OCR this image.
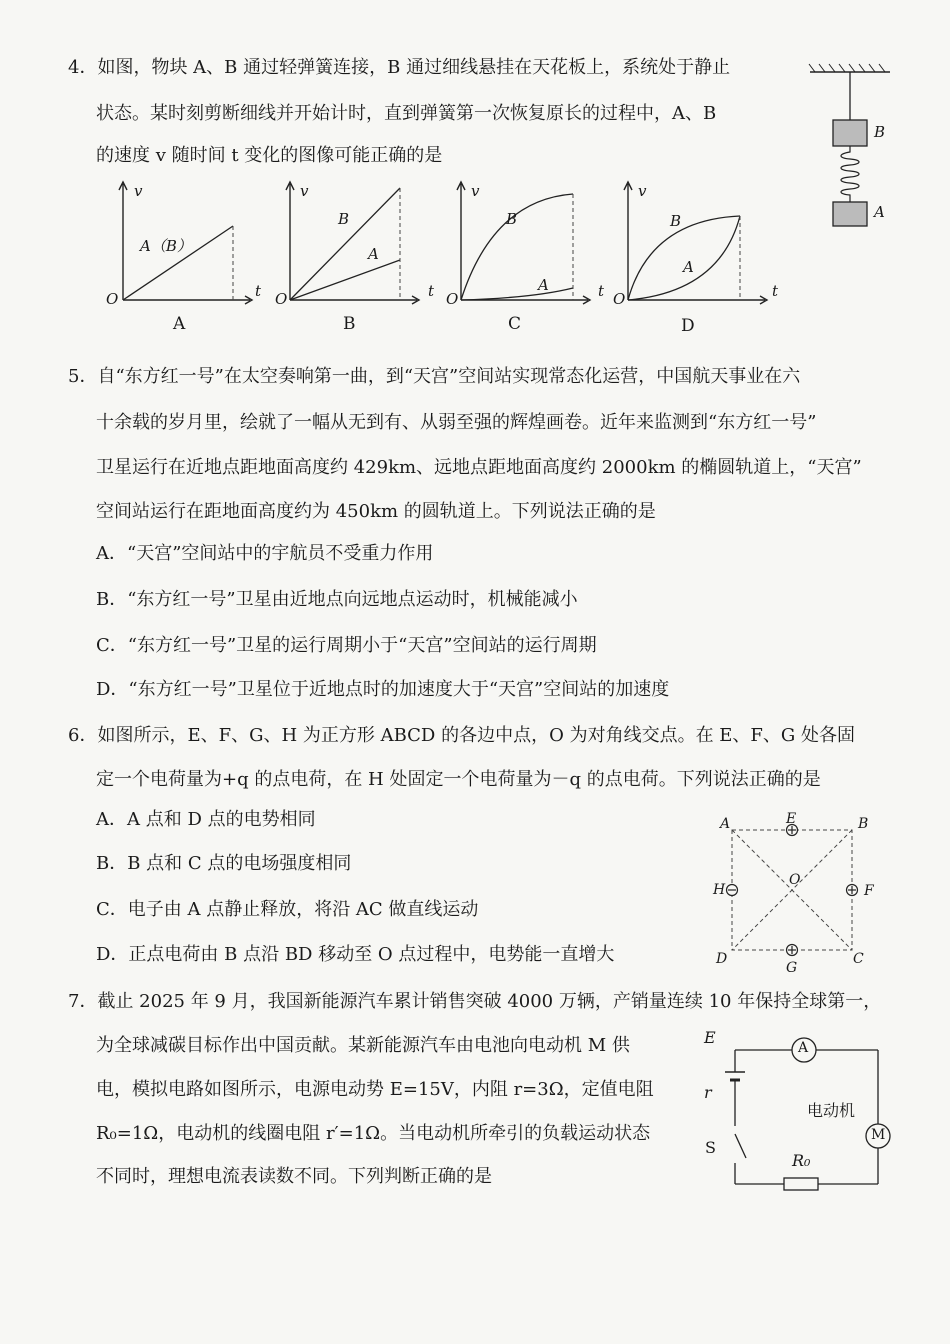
4．如图，物块 A、B 通过轻弹簧连接，B 通过细线悬挂在天花板上，系统处于静止
状态。某时刻剪断细线并开始计时，直到弹簧第一次恢复原长的过程中，A、B
的速度 v 随时间 t 变化的图像可能正确的是
B
A
v
t
O
A（B）
A
v
t
O
B
A
B
v
t
O
B
A
C
v
t
O
B
A
D
5．自“东方红一号”在太空奏响第一曲，到“天宫”空间站实现常态化运营，中国航天事业在六
十余载的岁月里，绘就了一幅从无到有、从弱至强的辉煌画卷。近年来监测到“东方红一号”
卫星运行在近地点距地面高度约 429km、远地点距地面高度约 2000km 的椭圆轨道上，“天宫”
空间站运行在距地面高度约为 450km 的圆轨道上。下列说法正确的是
A．“天宫”空间站中的宇航员不受重力作用
B．“东方红一号”卫星由近地点向远地点运动时，机械能减小
C．“东方红一号”卫星的运行周期小于“天宫”空间站的运行周期
D．“东方红一号”卫星位于近地点时的加速度大于“天宫”空间站的加速度
6．如图所示，E、F、G、H 为正方形 ABCD 的各边中点，O 为对角线交点。在 E、F、G 处各固
定一个电荷量为+q 的点电荷，在 H 处固定一个电荷量为－q 的点电荷。下列说法正确的是
A．A 点和 D 点的电势相同
B．B 点和 C 点的电场强度相同
C．电子由 A 点静止释放，将沿 AC 做直线运动
D．正点电荷由 B 点沿 BD 移动至 O 点过程中，电势能一直增大
A	E	B
H
O
F
D
G
C
7．截止 2025 年 9 月，我国新能源汽车累计销售突破 4000 万辆，产销量连续 10 年保持全球第一，
为全球减碳目标作出中国贡献。某新能源汽车由电池向电动机 M 供
电，模拟电路如图所示，电源电动势 E=15V，内阻 r=3Ω，定值电阻
R₀=1Ω，电动机的线圈电阻 r′=1Ω。当电动机所牵引的负载运动状态
不同时，理想电流表读数不同。下列判断正确的是
E
r
S
A
电动机
M
R₀
